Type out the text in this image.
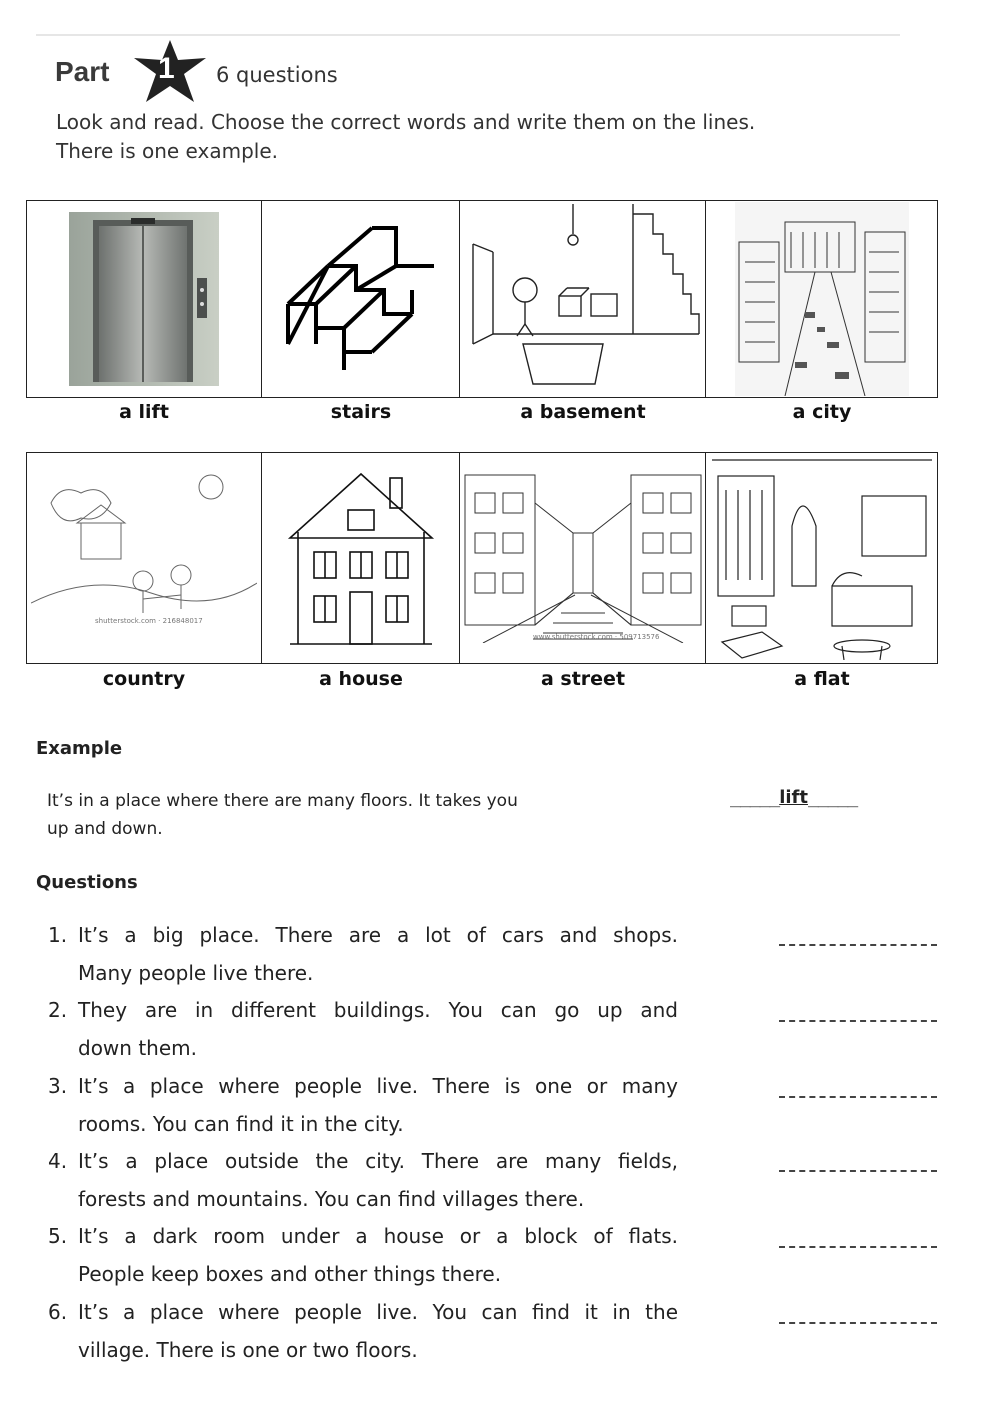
Part 1 6 questions
Look and read. Choose the correct words and write them on the lines.
There is one example.
a lift	stairs	a basement	a city
shutterstock.com · 216848017
www.shutterstock.com · 509713576
country	a house	a street	a flat
Example
It’s in a place where there are many floors. It takes you
up and down.
_____lift_____
Questions
1. It’s a big place. There are a lot of cars and shops.
Many people live there.
2. They are in different buildings. You can go up and
down them.
3. It’s a place where people live. There is one or many
rooms. You can find it in the city.
4. It’s a place outside the city. There are many fields,
forests and mountains. You can find villages there.
5. It’s a dark room under a house or a block of flats.
People keep boxes and other things there.
6. It’s a place where people live. You can find it in the
village. There is one or two floors.
